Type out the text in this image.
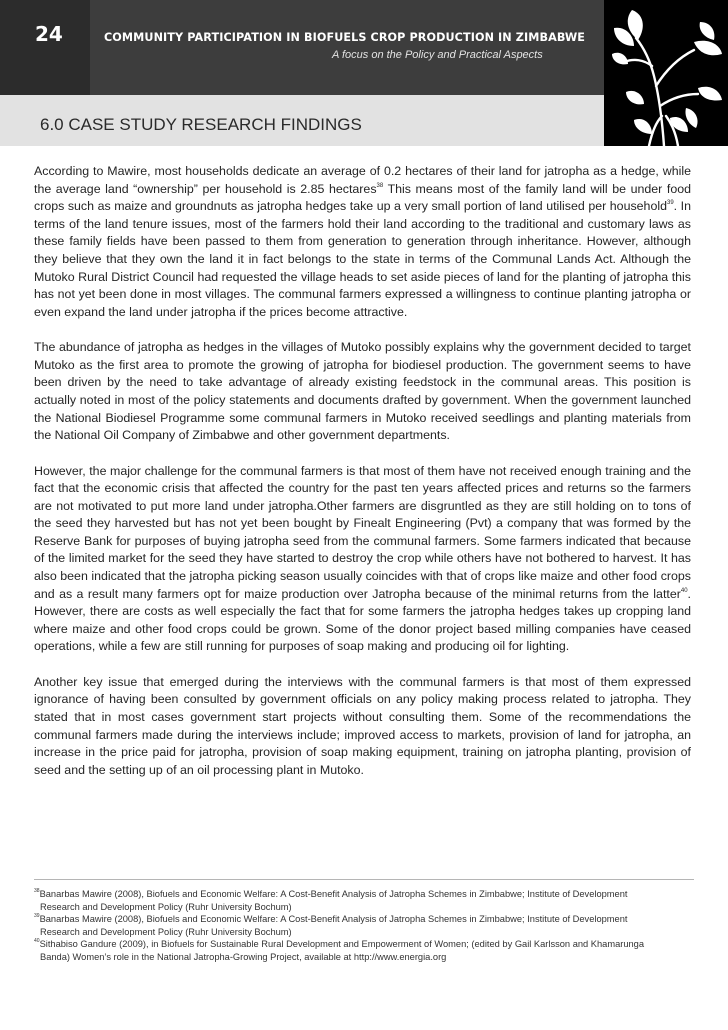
24	COMMUNITY PARTICIPATION IN BIOFUELS CROP PRODUCTION IN ZIMBABWE
A focus on the Policy and Practical Aspects
6.0 CASE STUDY RESEARCH FINDINGS

According to Mawire, most households dedicate an average of 0.2 hectares of their land for jatropha as a hedge, while the average land “ownership” per household is 2.85 hectares$^{38}$ This means most of the family land will be under food crops such as maize and groundnuts as jatropha hedges take up a very small portion of land utilised per household$^{39}$. In terms of the land tenure issues, most of the farmers hold their land according to the traditional and customary laws as these family fields have been passed to them from generation to generation through inheritance. However, although they believe that they own the land it in fact belongs to the state in terms of the Communal Lands Act. Although the Mutoko Rural District Council had requested the village heads to set aside pieces of land for the planting of jatropha this has not yet been done in most villages. The communal farmers expressed a willingness to continue planting jatropha or even expand the land under jatropha if the prices become attractive.

The abundance of jatropha as hedges in the villages of Mutoko possibly explains why the government decided to target Mutoko as the first area to promote the growing of jatropha for biodiesel production. The government seems to have been driven by the need to take advantage of already existing feedstock in the communal areas. This position is actually noted in most of the policy statements and documents drafted by government. When the government launched the National Biodiesel Programme some communal farmers in Mutoko received seedlings and planting materials from the National Oil Company of Zimbabwe and other government departments.

However, the major challenge for the communal farmers is that most of them have not received enough training and the fact that the economic crisis that affected the country for the past ten years affected prices and returns so the farmers are not motivated to put more land under jatropha.Other farmers are disgruntled as they are still holding on to tons of the seed they harvested but has not yet been bought by Finealt Engineering (Pvt) a company that was formed by the Reserve Bank for purposes of buying jatropha seed from the communal farmers. Some farmers indicated that because of the limited market for the seed they have started to destroy the crop while others have not bothered to harvest. It has also been indicated that the jatropha picking season usually coincides with that of crops like maize and other food crops and as a result many farmers opt for maize production over Jatropha because of the minimal returns from the latter$^{40}$. However, there are costs as well especially the fact that for some farmers the jatropha hedges takes up cropping land where maize and other food crops could be grown. Some of the donor project based milling companies have ceased operations, while a few are still running for purposes of soap making and producing oil for lighting.

Another key issue that emerged during the interviews with the communal farmers is that most of them expressed ignorance of having been consulted by government officials on any policy making process related to jatropha. They stated that in most cases government start projects without consulting them. Some of the recommendations the communal farmers made during the interviews include; improved access to markets, provision of land for jatropha, an increase in the price paid for jatropha, provision of soap making equipment, training on jatropha planting, provision of seed and the setting up of an oil processing plant in Mutoko.

$^{38}$Banarbas Mawire (2008), Biofuels and Economic Welfare: A Cost-Benefit Analysis of Jatropha Schemes in Zimbabwe; Institute of Development
Research and Development Policy (Ruhr University Bochum)
$^{39}$Banarbas Mawire (2008), Biofuels and Economic Welfare: A Cost-Benefit Analysis of Jatropha Schemes in Zimbabwe; Institute of Development
Research and Development Policy (Ruhr University Bochum)
$^{40}$Sithabiso Gandure (2009), in Biofuels for Sustainable Rural Development and Empowerment of Women; (edited by Gail Karlsson and Khamarunga
Banda) Women’s role in the National Jatropha-Growing Project, available at http://www.energia.org
